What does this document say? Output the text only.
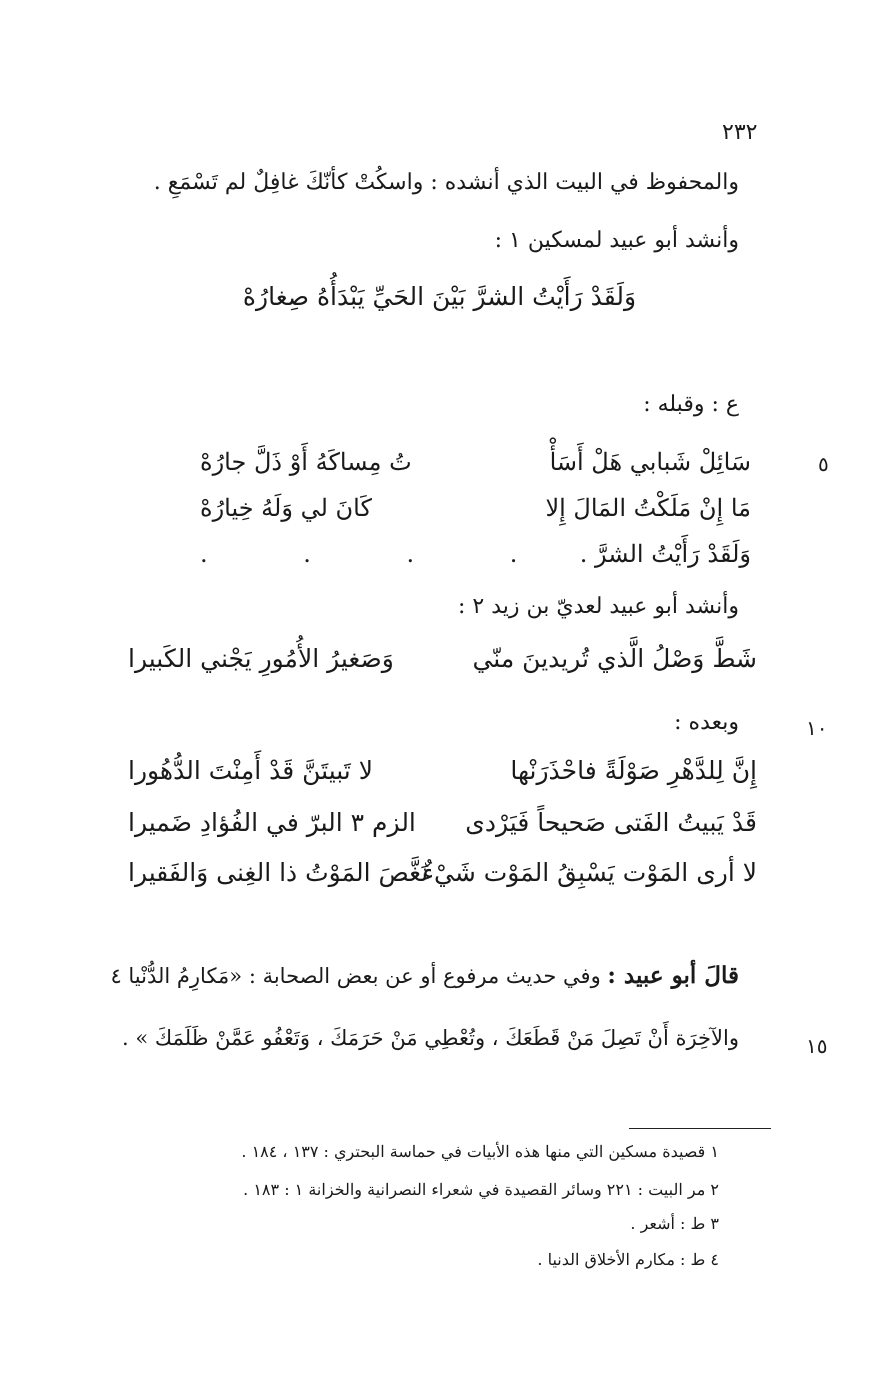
٢٣٢
والمحفوظ في البيت الذي أنشده : واسكُتْ كأنّكَ غافِلٌ لم تَسْمَعِ .
وأنشد أبو عبيد لمسكين ١ :
وَلَقَدْ رَأَيْتُ الشرَّ بَيْنَ الحَيِّ يَبْدَأُهُ صِغارُهْ
ع : وقبله :
٥
سَائِلْ شَبابي هَلْ أَسَأْ
تُ مِساكَهُ أَوْ ذَلَّ جارُهْ
مَا إِنْ مَلَكْتُ المَالَ إِلا
كَانَ لي وَلَهُ خِيارُهْ
وَلَقَدْ رَأَيْتُ الشرَّ .
. . . .
وأنشد أبو عبيد لعديّ بن زيد ٢ :
شَطَّ وَصْلُ الَّذي تُريدينَ منّي
وَصَغيرُ الأُمُورِ يَجْني الكَبيرا
١٠
وبعده :
إِنَّ لِلدَّهْرِ صَوْلَةً فاحْذَرَنْها
لا تَبيتَنَّ قَدْ أَمِنْتَ الدُّهُورا
قَدْ يَبيتُ الفَتى صَحيحاً فَيَرْدى
الزم ٣ البرّ في الفُؤادِ ضَميرا
لا أرى المَوْت يَسْبِقُ المَوْت شَيْءٌ
نَغَّصَ المَوْتُ ذا الغِنى وَالفَقيرا
قالَ أبو عبيد : وفي حديث مرفوع أو عن بعض الصحابة : «مَكارِمُ الدُّنْيا ٤
١٥
والآخِرَة أَنْ تَصِلَ مَنْ قَطَعَكَ ، وتُعْطِي مَنْ حَرَمَكَ ، وَتَعْفُو عَمَّنْ ظَلَمَكَ » .
١ قصيدة مسكين التي منها هذه الأبيات في حماسة البحتري : ١٣٧ ، ١٨٤ .
٢ مر البيت : ٢٢١ وسائر القصيدة في شعراء النصرانية والخزانة ١ : ١٨٣ .
٣ ط : أشعر .
٤ ط : مكارم الأخلاق الدنيا .
